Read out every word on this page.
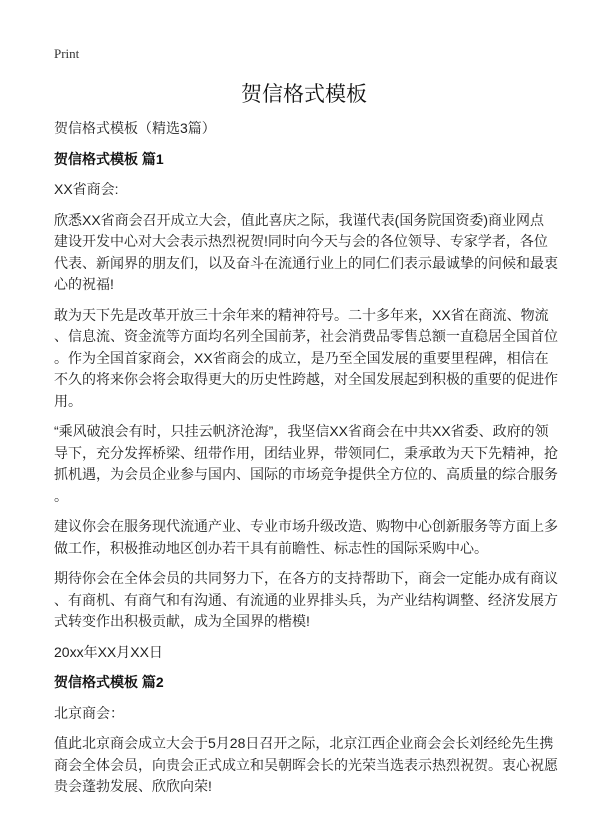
Print
贺信格式模板

贺信格式模板（精选3篇）

贺信格式模板 篇1

XX省商会:

欣悉XX省商会召开成立大会，值此喜庆之际，我谨代表(国务院国资委)商业网点
建设开发中心对大会表示热烈祝贺!同时向今天与会的各位领导、专家学者，各位
代表、新闻界的朋友们，以及奋斗在流通行业上的同仁们表示最诚挚的问候和最衷
心的祝福!

敢为天下先是改革开放三十余年来的精神符号。二十多年来，XX省在商流、物流
、信息流、资金流等方面均名列全国前茅，社会消费品零售总额一直稳居全国首位
。作为全国首家商会，XX省商会的成立，是乃至全国发展的重要里程碑，相信在
不久的将来你会将会取得更大的历史性跨越，对全国发展起到积极的重要的促进作
用。

“乘风破浪会有时，只挂云帆济沧海”，我坚信XX省商会在中共XX省委、政府的领
导下，充分发挥桥梁、纽带作用，团结业界，带领同仁，秉承敢为天下先精神，抢
抓机遇，为会员企业参与国内、国际的市场竞争提供全方位的、高质量的综合服务
。

建议你会在服务现代流通产业、专业市场升级改造、购物中心创新服务等方面上多
做工作，积极推动地区创办若干具有前瞻性、标志性的国际采购中心。

期待你会在全体会员的共同努力下，在各方的支持帮助下，商会一定能办成有商议
、有商机、有商气和有沟通、有流通的业界排头兵，为产业结构调整、经济发展方
式转变作出积极贡献，成为全国界的楷模!

20xx年XX月XX日

贺信格式模板 篇2

北京商会：

值此北京商会成立大会于5月28日召开之际，北京江西企业商会会长刘经纶先生携
商会全体会员，向贵会正式成立和吴朝晖会长的光荣当选表示热烈祝贺。衷心祝愿
贵会蓬勃发展、欣欣向荣!
